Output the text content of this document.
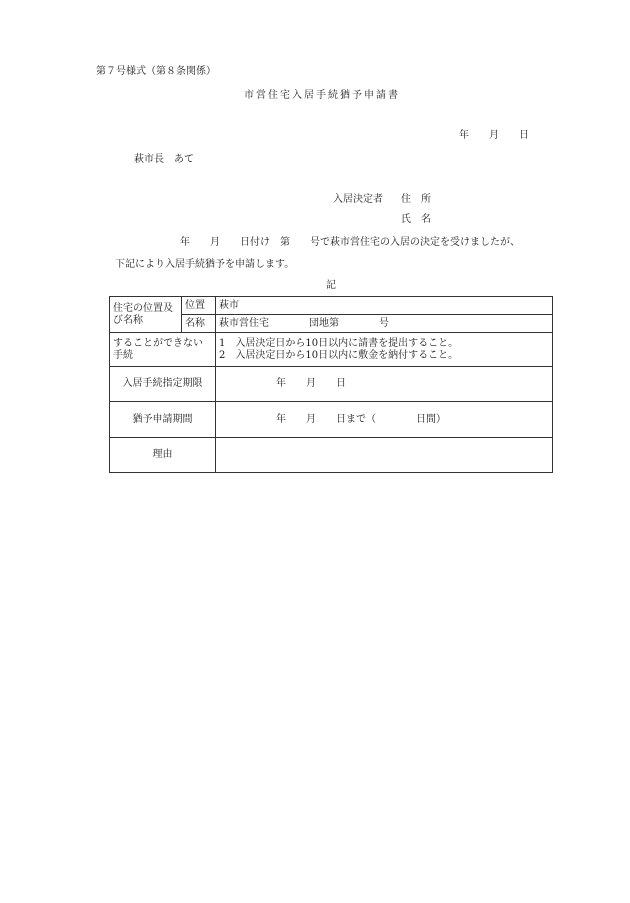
第７号様式（第８条関係）
市営住宅入居手続猶予申請書
年　　月　　日
萩市長　あて
入居決定者 住　所
氏　名
年　　月　　日付け　第　　号で萩市営住宅の入居の決定を受けましたが、
下記により入居手続猶予を申請します。
記
住宅の位置及び名称	位置	萩市
	名称	萩市営住宅　　　　団地第　　　　号
することができない手続		1　入居決定日から10日以内に請書を提出すること。
2　入居決定日から10日以内に敷金を納付すること。

入居手続指定期限		年　　月　　日
猶予申請期間		年　　月　　日まで（　　　　日間）
理由		
